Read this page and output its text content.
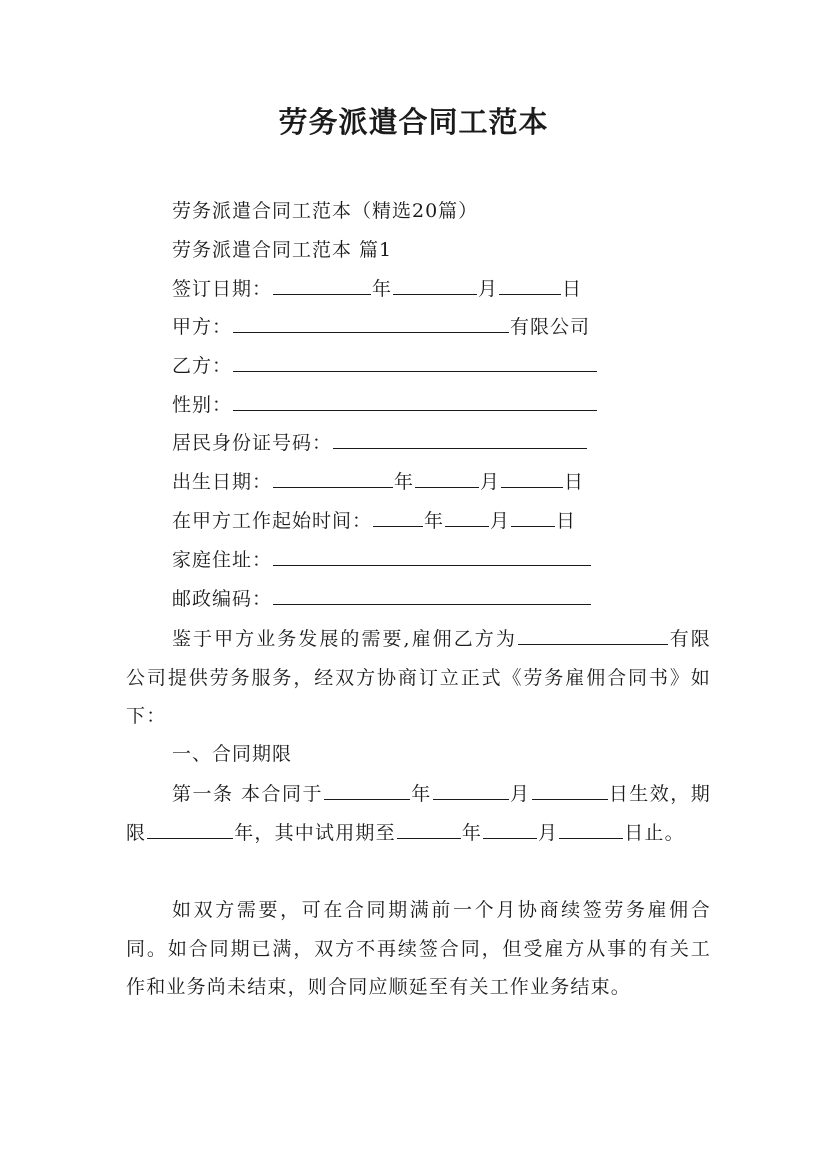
劳务派遣合同工范本
劳务派遣合同工范本（精选20篇）
劳务派遣合同工范本 篇1
签订日期：	年	月	日
甲方：	有限公司
乙方：
性别：
居民身份证号码：
出生日期：	年	月	日
在甲方工作起始时间：	年 月 日
家庭住址：
邮政编码：
鉴于甲方业务发展的需要,雇佣乙方为	有限公司提供劳务服务，经双方协商订立正式《劳务雇佣合同书》如下：
一、合同期限
第一条 本合同于	年	月	日生效，期限	年，其中试用期至	年	月	日止。
如双方需要，可在合同期满前一个月协商续签劳务雇佣合同。如合同期已满，双方不再续签合同，但受雇方从事的有关工作和业务尚未结束，则合同应顺延至有关工作业务结束。
